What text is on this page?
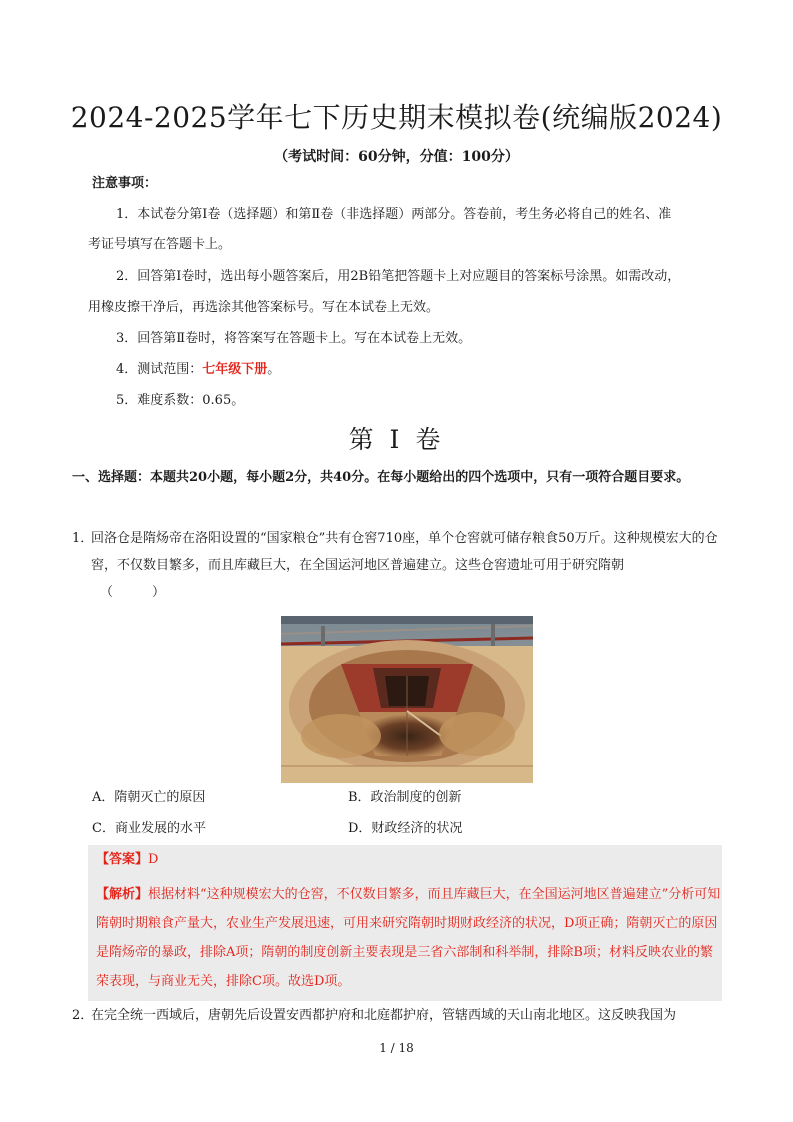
2024-2025学年七下历史期末模拟卷(统编版2024)
（考试时间：60分钟，分值：100分）
注意事项：
1．本试卷分第Ⅰ卷（选择题）和第Ⅱ卷（非选择题）两部分。答卷前，考生务必将自己的姓名、准
考证号填写在答题卡上。
2．回答第Ⅰ卷时，选出每小题答案后，用2B铅笔把答题卡上对应题目的答案标号涂黑。如需改动，
用橡皮擦干净后，再选涂其他答案标号。写在本试卷上无效。
3．回答第Ⅱ卷时，将答案写在答题卡上。写在本试卷上无效。
4．测试范围：七年级下册。
5．难度系数：0.65。
第 I 卷
一、选择题：本题共20小题，每小题2分，共40分。在每小题给出的四个选项中，只有一项符合题目要求。
1．
回洛仓是隋炀帝在洛阳设置的“国家粮仓”共有仓窖710座，单个仓窖就可储存粮食50万斤。这种规模宏大的仓窖，不仅数目繁多，而且库藏巨大，在全国运河地区普遍建立。这些仓窖遗址可用于研究隋朝
（　　　）
A．隋朝灭亡的原因	B．政治制度的创新
C．商业发展的水平	D．财政经济的状况
【答案】D
【解析】根据材料“这种规模宏大的仓窖，不仅数目繁多，而且库藏巨大，在全国运河地区普遍建立”分析可知隋朝时期粮食产量大，农业生产发展迅速，可用来研究隋朝时期财政经济的状况，D项正确；隋朝灭亡的原因是隋炀帝的暴政，排除A项；隋朝的制度创新主要表现是三省六部制和科举制，排除B项；材料反映农业的繁荣表现，与商业无关，排除C项。故选D项。
2．
在完全统一西域后，唐朝先后设置安西都护府和北庭都护府，管辖西域的天山南北地区。这反映我国为
1 / 18
